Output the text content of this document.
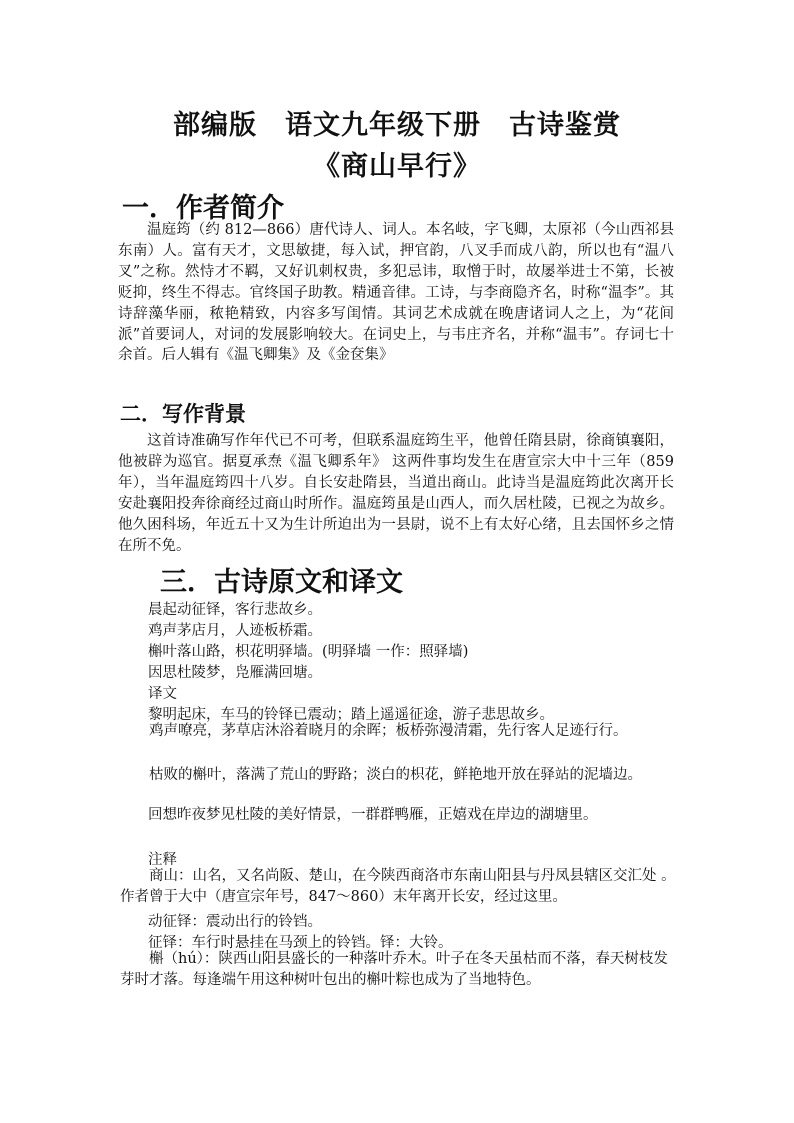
部编版 语文九年级下册 古诗鉴赏
《商山早行》
一．作者简介
温庭筠（约 812—866）唐代诗人、词人。本名岐，字飞卿，太原祁（今山西祁县东南）人。富有天才，文思敏捷，每入试，押官韵，八叉手而成八韵，所以也有“温八叉”之称。然恃才不羁，又好讥刺权贵，多犯忌讳，取憎于时，故屡举进士不第，长被贬抑，终生不得志。官终国子助教。精通音律。工诗，与李商隐齐名，时称“温李”。其诗辞藻华丽，秾艳精致，内容多写闺情。其词艺术成就在晚唐诸词人之上，为“花间派”首要词人，对词的发展影响较大。在词史上，与韦庄齐名，并称“温韦”。存词七十余首。后人辑有《温飞卿集》及《金奁集》
二．写作背景
这首诗准确写作年代已不可考，但联系温庭筠生平，他曾任隋县尉，徐商镇襄阳，他被辟为巡官。据夏承焘《温飞卿系年》 这两件事均发生在唐宣宗大中十三年（859 年），当年温庭筠四十八岁。自长安赴隋县，当道出商山。此诗当是温庭筠此次离开长安赴襄阳投奔徐商经过商山时所作。温庭筠虽是山西人，而久居杜陵，已视之为故乡。他久困科场，年近五十又为生计所迫出为一县尉，说不上有太好心绪，且去国怀乡之情在所不免。
三．古诗原文和译文
晨起动征铎，客行悲故乡。
鸡声茅店月，人迹板桥霜。
槲叶落山路，枳花明驿墙。(明驿墙 一作：照驿墙)
因思杜陵梦，凫雁满回塘。
译文
黎明起床，车马的铃铎已震动；踏上遥遥征途，游子悲思故乡。
鸡声嘹亮，茅草店沐浴着晓月的余晖；板桥弥漫清霜，先行客人足迹行行。
枯败的槲叶，落满了荒山的野路；淡白的枳花，鲜艳地开放在驿站的泥墙边。
回想昨夜梦见杜陵的美好情景，一群群鸭雁，正嬉戏在岸边的湖塘里。
注释
商山：山名，又名尚阪、楚山，在今陕西商洛市东南山阳县与丹凤县辖区交汇处 。作者曾于大中（唐宣宗年号，847～860）末年离开长安，经过这里。
动征铎：震动出行的铃铛。
征铎：车行时悬挂在马颈上的铃铛。铎：大铃。
槲（hú）：陕西山阳县盛长的一种落叶乔木。叶子在冬天虽枯而不落，春天树枝发芽时才落。每逢端午用这种树叶包出的槲叶粽也成为了当地特色。
